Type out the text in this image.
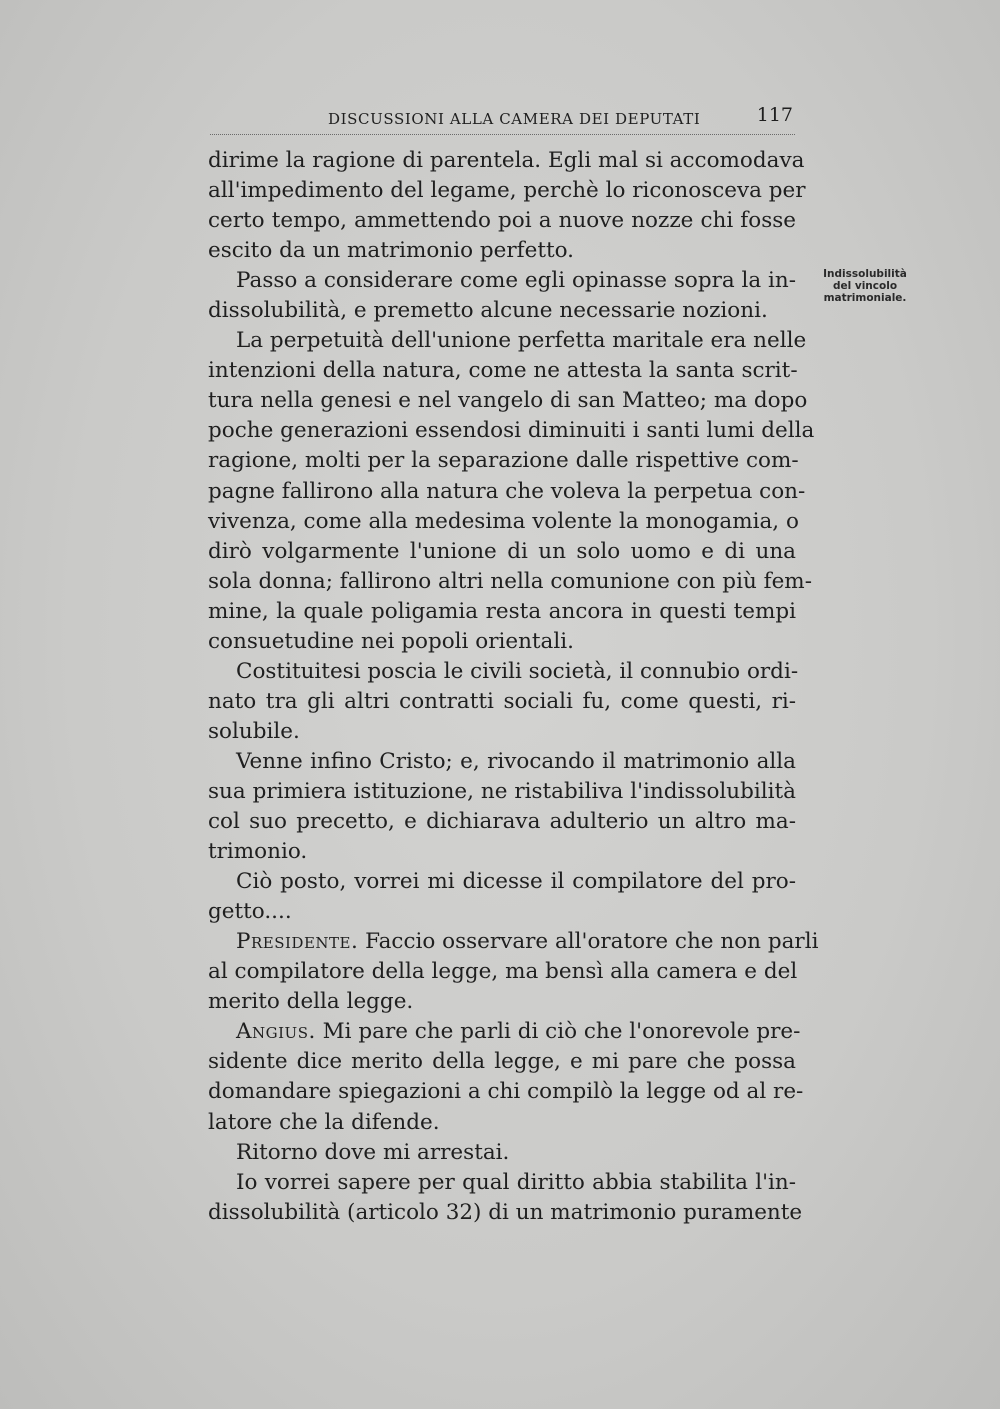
DISCUSSIONI ALLA CAMERA DEI DEPUTATI	117
Indissolubilità
del vincolo
matrimoniale.
dirime la ragione di parentela. Egli mal si accomodava
all'impedimento del legame, perchè lo riconosceva per
certo tempo, ammettendo poi a nuove nozze chi fosse
escito da un matrimonio perfetto.
Passo a considerare come egli opinasse sopra la in-
dissolubilità, e premetto alcune necessarie nozioni.
La perpetuità dell'unione perfetta maritale era nelle
intenzioni della natura, come ne attesta la santa scrit-
tura nella genesi e nel vangelo di san Matteo; ma dopo
poche generazioni essendosi diminuiti i santi lumi della
ragione, molti per la separazione dalle rispettive com-
pagne fallirono alla natura che voleva la perpetua con-
vivenza, come alla medesima volente la monogamia, o
dirò volgarmente l'unione di un solo uomo e di una
sola donna; fallirono altri nella comunione con più fem-
mine, la quale poligamia resta ancora in questi tempi
consuetudine nei popoli orientali.
Costituitesi poscia le civili società, il connubio ordi-
nato tra gli altri contratti sociali fu, come questi, ri-
solubile.
Venne infino Cristo; e, rivocando il matrimonio alla
sua primiera istituzione, ne ristabiliva l'indissolubilità
col suo precetto, e dichiarava adulterio un altro ma-
trimonio.
Ciò posto, vorrei mi dicesse il compilatore del pro-
getto....
Presidente. Faccio osservare all'oratore che non parli
al compilatore della legge, ma bensì alla camera e del
merito della legge.
Angius. Mi pare che parli di ciò che l'onorevole pre-
sidente dice merito della legge, e mi pare che possa
domandare spiegazioni a chi compilò la legge od al re-
latore che la difende.
Ritorno dove mi arrestai.
Io vorrei sapere per qual diritto abbia stabilita l'in-
dissolubilità (articolo 32) di un matrimonio puramente
